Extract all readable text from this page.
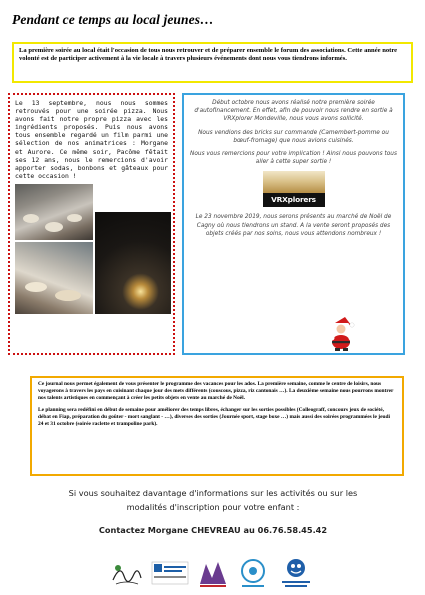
Pendant ce temps au local jeunes…
La première soirée au local était l'occasion de tous nous retrouver et de préparer ensemble le forum des associations. Cette année notre volonté est de participer activement à la vie locale à travers plusieurs événements dont nous vous tiendrons informés.
Le 13 septembre, nous nous sommes retrouvés pour une soirée pizza. Nous avons fait notre propre pizza avec les ingrédients proposés. Puis nous avons tous ensemble regardé un film parmi une sélection de nos animatrices : Morgane et Aurore. Ce même soir, Pacôme fêtait ses 12 ans, nous le remercions d'avoir apporter sodas, bonbons et gâteaux pour cette occasion !

Début octobre nous avons réalisé notre première soirée d'autofinancement. En effet, afin de pouvoir nous rendre en sortie à VRXplorer Mondeville, nous vous avons sollicité.

Nous vendions des bricks sur commande (Camembert-pomme ou bœuf-fromage) que nous avions cuisinés.

Nous vous remercions pour votre implication ! Ainsi nous pouvons tous aller à cette super sortie !

VRXplorers

Le 23 novembre 2019, nous serons présents au marché de Noël de Cagny où nous tiendrons un stand. A la vente seront proposés des objets créés par nos soins, nous vous attendons nombreux !

Ce journal nous permet également de vous présenter le programme des vacances pour les ados. La première semaine, comme le centre de loisirs, nous voyagerons à travers les pays en cuisinant chaque jour des mets différents (couscous, pizza, riz cantonais …). La deuxième semaine nous pourrons montrer nos talents artistiques en commençant à créer les petits objets en vente au marché de Noël.

Le planning sera redéfini en début de semaine pour améliorer des temps libres, échanger sur les sorties possibles (Colleograff, concours jeux de société, débat en Fiap, préparation du goûter - mort sanglant - …), diverses des sorties (Journée sport, stage boxe …) mais aussi des soirées programmées le jeudi 24 et 31 octobre (soirée raclette et trampoline park).

Si vous souhaitez davantage d'informations sur les activités ou sur les
modalités d'inscription pour votre enfant :
Contactez Morgane CHEVREAU au 06.76.58.45.42
